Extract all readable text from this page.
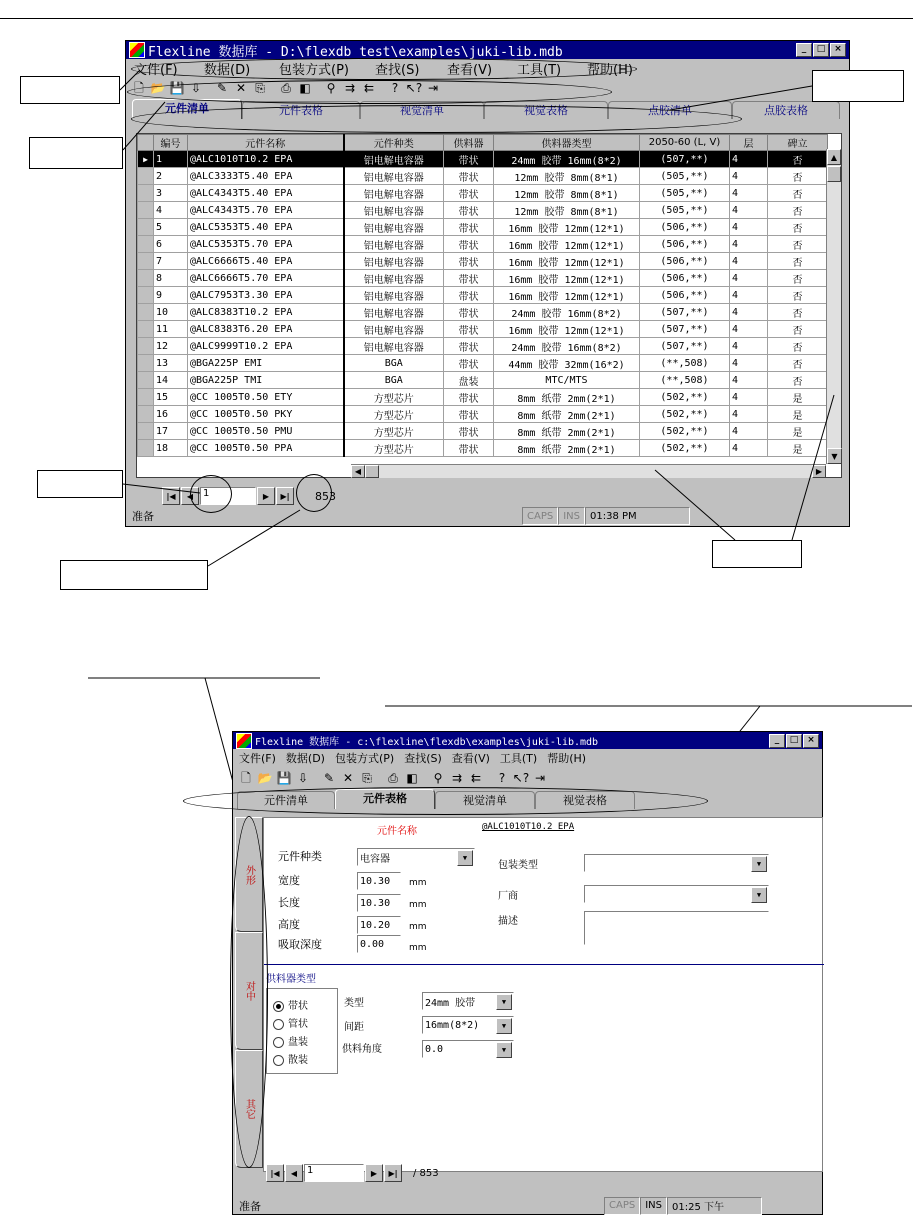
Flexline 数据库 - D:\flexdb_test\examples\juki-lib.mdb	_	□ ×
文件(F)	数据(D)	包装方式(P)	查找(S)	查看(V)	工具(T)	帮助(H)
🗋 📂 💾 ⇩	✎ ✕ ⎘	⎙ ◧	⚲ ⇉ ⇇	? ↖? ⇥
元件清单	元件表格	视觉清单	视觉表格	点胶清单	点胶表格
	编号	元件名称	元件种类	供料器	供料器类型	2050-60 (L, V)	层	碑立
▶	1	@ALC1010T10.2 EPA	铝电解电容器	带状	24mm 胶带 16mm(8*2)	(507,**)	4	否
	2	@ALC3333T5.40 EPA	铝电解电容器	带状	12mm 胶带 8mm(8*1)	(505,**)	4	否
	3	@ALC4343T5.40 EPA	铝电解电容器	带状	12mm 胶带 8mm(8*1)	(505,**)	4	否
	4	@ALC4343T5.70 EPA	铝电解电容器	带状	12mm 胶带 8mm(8*1)	(505,**)	4	否
	5	@ALC5353T5.40 EPA	铝电解电容器	带状	16mm 胶带 12mm(12*1)	(506,**)	4	否
	6	@ALC5353T5.70 EPA	铝电解电容器	带状	16mm 胶带 12mm(12*1)	(506,**)	4	否
	7	@ALC6666T5.40 EPA	铝电解电容器	带状	16mm 胶带 12mm(12*1)	(506,**)	4	否
	8	@ALC6666T5.70 EPA	铝电解电容器	带状	16mm 胶带 12mm(12*1)	(506,**)	4	否
	9	@ALC7953T3.30 EPA	铝电解电容器	带状	16mm 胶带 12mm(12*1)	(506,**)	4	否
	10	@ALC8383T10.2 EPA	铝电解电容器	带状	24mm 胶带 16mm(8*2)	(507,**)	4	否
	11	@ALC8383T6.20 EPA	铝电解电容器	带状	16mm 胶带 12mm(12*1)	(507,**)	4	否
	12	@ALC9999T10.2 EPA	铝电解电容器	带状	24mm 胶带 16mm(8*2)	(507,**)	4	否
	13	@BGA225P EMI	BGA	带状	44mm 胶带 32mm(16*2)	(**,508)	4	否
	14	@BGA225P TMI	BGA	盘装	MTC/MTS	(**,508)	4	否
	15	@CC 1005T0.50 ETY	方型芯片	带状	8mm 纸带 2mm(2*1)	(502,**)	4	是
	16	@CC 1005T0.50 PKY	方型芯片	带状	8mm 纸带 2mm(2*1)	(502,**)	4	是
	17	@CC 1005T0.50 PMU	方型芯片	带状	8mm 纸带 2mm(2*1)	(502,**)	4	是
	18	@CC 1005T0.50 PPA	方型芯片	带状	8mm 纸带 2mm(2*1)	(502,**)	4	是
▲
▼
◀	▶
|◀	◀ 1	▶	▶|	853
准备	CAPS	INS	01:38 PM
Flexline 数据库 - c:\flexline\flexdb\examples\juki-lib.mdb	_	□ ×
文件(F) 数据(D) 包装方式(P) 查找(S) 查看(V) 工具(T) 帮助(H)
🗋 📂 💾 ⇩	✎ ✕ ⎘	⎙ ◧	⚲ ⇉ ⇇	? ↖? ⇥
元件清单	元件表格	视觉清单	视觉表格
元件名称	@ALC1010T10.2 EPA
元件种类	电容器	▼
宽度	10.30	mm
长度	10.30	mm
高度	10.20	mm
吸取深度	0.00	mm
包装类型	▼
厂商	▼
描述
供料器类型
带状
管状
盘装
散装
类型	24mm 胶带	▼
间距	16mm(8*2)	▼
供料角度	0.0	▼
外形
对中
其它
|◀	◀ 1	▶	▶|	/ 853
准备	CAPS	INS	01:25 下午
